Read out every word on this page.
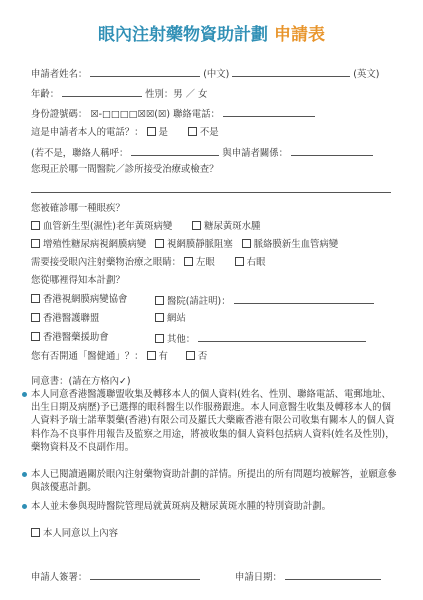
眼內注射藥物資助計劃 申請表
申請者姓名：	(中文)	(英文)
年齡：	性別：男 ／ 女
身份證號碼： ☒-□□□□☒☒(☒) 聯絡電話：
這是申請者本人的電話？： 是	不是
(若不是，聯絡人稱呼：	與申請者關係：
您現正於哪一間醫院／診所接受治療或檢查？
您被確診哪一種眼疾？
血管新生型(濕性)老年黃斑病變	糖尿黃斑水腫
增殖性糖尿病視網膜病變 視網膜靜脈阻塞 脈絡膜新生血管病變
需要接受眼內注射藥物治療之眼睛： 左眼	右眼
您從哪裡得知本計劃？
香港視網膜病變協會	醫院(請註明)：
香港醫護聯盟	網站
香港醫藥援助會	其他：
您有否開通「醫健通」？： 有	否
同意書：(請在方格內✓)

本人同意香港醫護聯盟收集及轉移本人的個人資料(姓名、性別、聯絡電話、電郵地址、出生日期及病歷)予已選擇的眼科醫生以作服務跟進。本人同意醫生收集及轉移本人的個人資料予瑞士諾華製藥(香港)有限公司及羅氏大藥廠香港有限公司收集有關本人的個人資料作為不良事件用報告及監察之用途，將被收集的個人資料包括病人資料(姓名及性別)，藥物資料及不良副作用。

本人已閱讀過關於眼內注射藥物資助計劃的詳情。所提出的所有問題均被解答，並願意參與該優惠計劃。

本人並未參與現時醫院管理局就黃斑病及糖尿黃斑水腫的特別資助計劃。

本人同意以上內容
申請人簽署：	申請日期：
